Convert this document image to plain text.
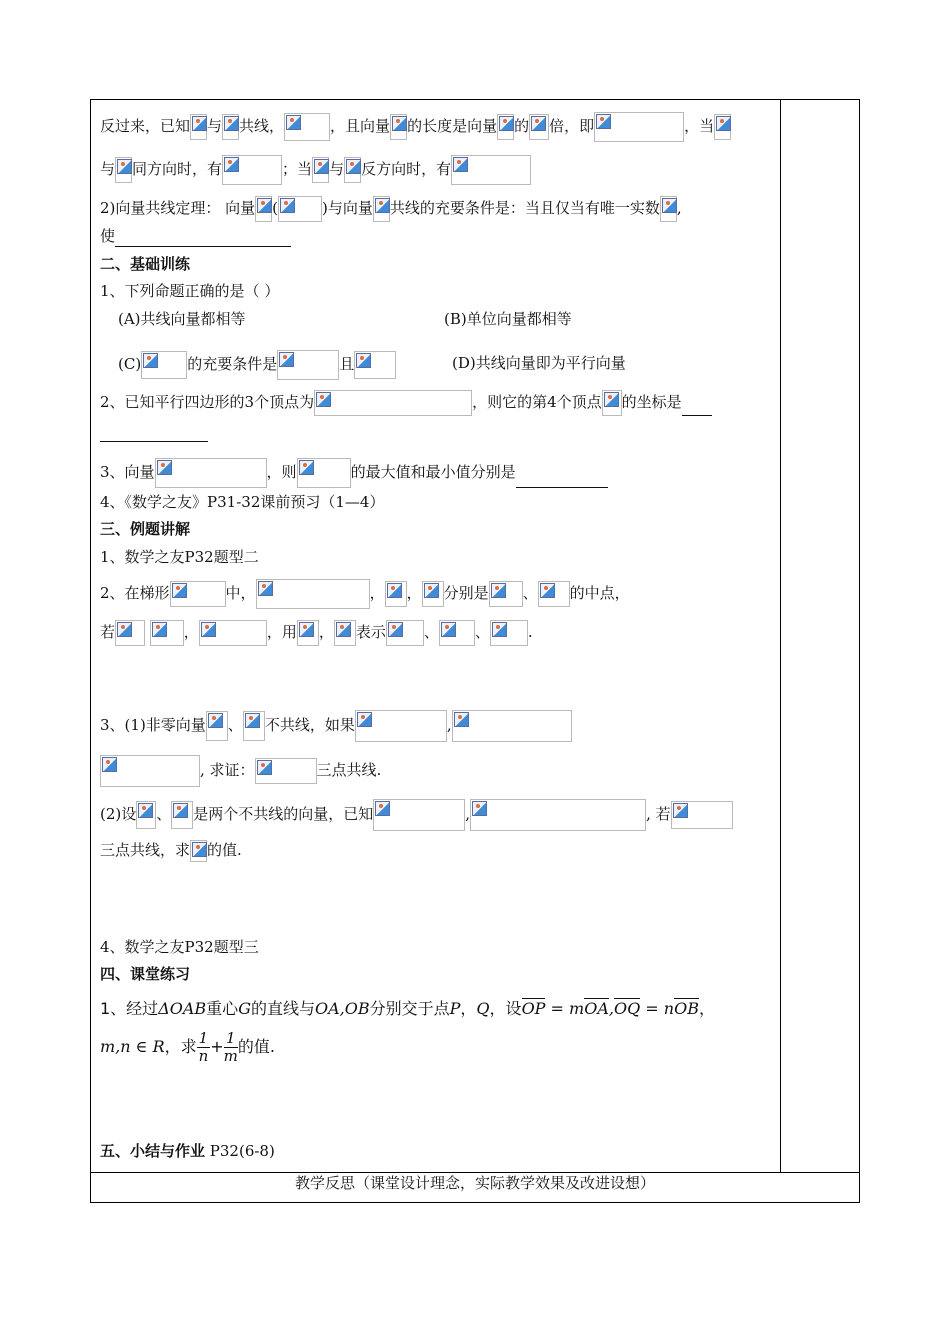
反过来，已知 与 共线，	，且向量 的长度是向量 的 倍，即	，当
与 同方向时，有	；当 与 反方向时，有
2)向量共线定理： 向量 (	)与向量 共线的充要条件是：当且仅当有唯一实数 ,
使
二、基础训练
1、下列命题正确的是（ ）
(A)共线向量都相等	(B)单位向量都相等
(C)	的充要条件是	且	(D)共线向量即为平行向量
2、已知平行四边形的3个顶点为	，则它的第4个顶点 的坐标是
3、向量	，则	的最大值和最小值分别是
4、《数学之友》P31-32课前预习（1—4）
三、例题讲解
1、数学之友P32题型二
2、在梯形	中，	， ， 分别是 、 的中点，
若	，	，用 ， 表示	、 、	.
3、(1)非零向量 、 不共线，如果	,
, 求证：	三点共线.
(2)设 、 是两个不共线的向量，已知	,	, 若
三点共线，求 的值.
4、数学之友P32题型三
四、课堂练习
1、经过ΔOAB重心G的直线与OA,OB分别交于点P，Q，设OP = mOA,OQ = nOB，
m,n ∈ R，求 $\frac{1}{n} + \frac{1}{m}$ 的值.
五、小结与作业 P32(6-8)
教学反思（课堂设计理念，实际教学效果及改进设想）
